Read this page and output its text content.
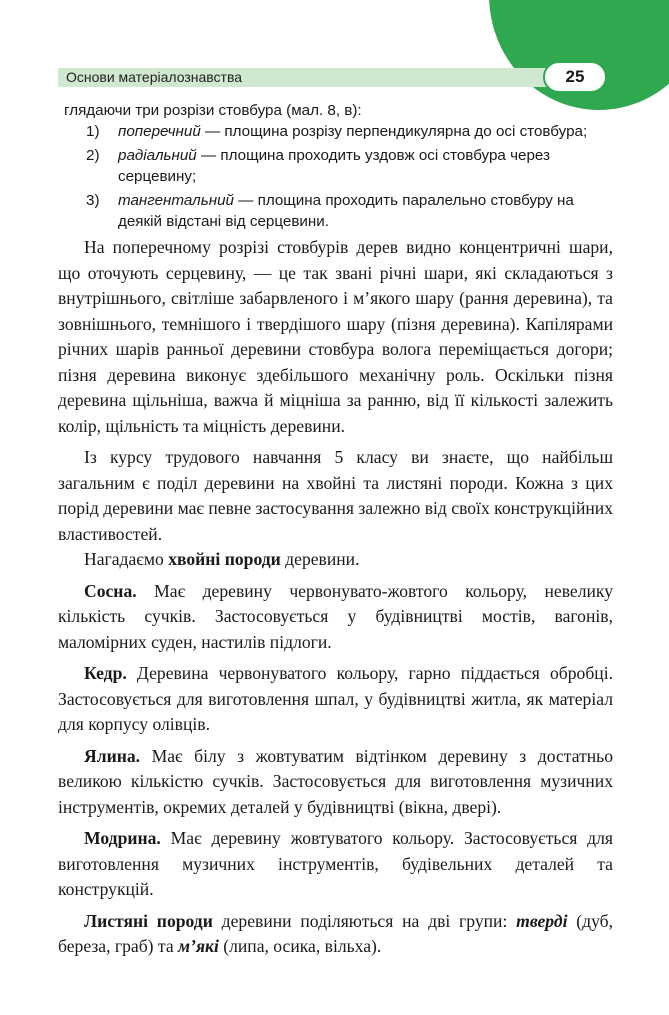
Основи матеріалознавства	25
глядаючи три розрізи стовбура (мал. 8, в):
1) поперечний — площина розрізу перпендикулярна до осі стовбура;
2) радіальний — площина проходить уздовж осі стовбура через серцевину;
3) тангентальний — площина проходить паралельно стовбуру на деякій відстані від серцевини.

На поперечному розрізі стовбурів дерев видно концентричні шари, що оточують серцевину, — це так звані річні шари, які складаються з внутрішнього, світліше забарвленого і м’якого шару (рання деревина), та зовнішнього, темнішого і твердішого шару (пізня деревина). Капілярами річних шарів ранньої деревини стовбура волога переміщається догори; пізня деревина виконує здебільшого механічну роль. Оскільки пізня деревина щільніша, важча й міцніша за ранню, від її кількості залежить колір, щільність та міцність деревини.

Із курсу трудового навчання 5 класу ви знаєте, що найбільш загальним є поділ деревини на хвойні та листяні породи. Кожна з цих порід деревини має певне застосування залежно від своїх конструкційних властивостей.

Нагадаємо хвойні породи деревини.

Сосна. Має деревину червонувато-жовтого кольору, невелику кількість сучків. Застосовується у будівництві мостів, вагонів, маломірних суден, настилів підлоги.

Кедр. Деревина червонуватого кольору, гарно піддається обробці. Застосовується для виготовлення шпал, у будівництві житла, як матеріал для корпусу олівців.

Ялина. Має білу з жовтуватим відтінком деревину з достатньо великою кількістю сучків. Застосовується для виготовлення музичних інструментів, окремих деталей у будівництві (вікна, двері).

Модрина. Має деревину жовтуватого кольору. Застосовується для виготовлення музичних інструментів, будівельних деталей та конструкцій.

Листяні породи деревини поділяються на дві групи: тверді (дуб, береза, граб) та м’які (липа, осика, вільха).
